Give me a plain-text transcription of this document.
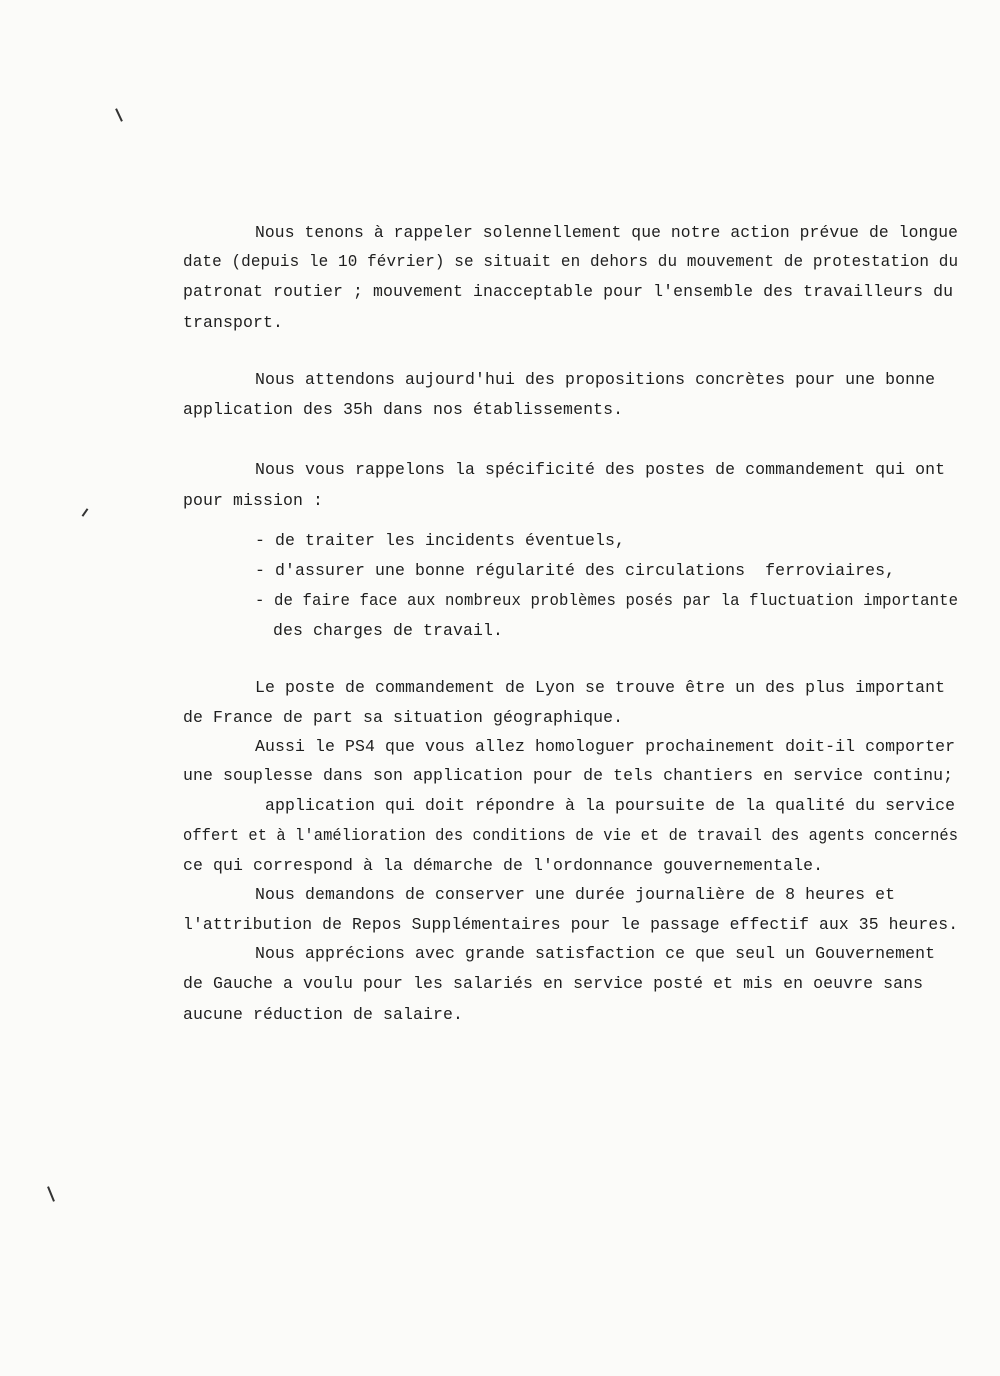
Nous tenons à rappeler solennellement que notre action prévue de longue
date (depuis le 10 février) se situait en dehors du mouvement de protestation du
patronat routier ; mouvement inacceptable pour l'ensemble des travailleurs du
transport.
Nous attendons aujourd'hui des propositions concrètes pour une bonne
application des 35h dans nos établissements.
Nous vous rappelons la spécificité des postes de commandement qui ont
pour mission :
- de traiter les incidents éventuels,
- d'assurer une bonne régularité des circulations  ferroviaires,
- de faire face aux nombreux problèmes posés par la fluctuation importante
des charges de travail.
Le poste de commandement de Lyon se trouve être un des plus important
de France de part sa situation géographique.
Aussi le PS4 que vous allez homologuer prochainement doit-il comporter
une souplesse dans son application pour de tels chantiers en service continu;
application qui doit répondre à la poursuite de la qualité du service
offert et à l'amélioration des conditions de vie et de travail des agents concernés
ce qui correspond à la démarche de l'ordonnance gouvernementale.
Nous demandons de conserver une durée journalière de 8 heures et
l'attribution de Repos Supplémentaires pour le passage effectif aux 35 heures.
Nous apprécions avec grande satisfaction ce que seul un Gouvernement
de Gauche a voulu pour les salariés en service posté et mis en oeuvre sans
aucune réduction de salaire.
